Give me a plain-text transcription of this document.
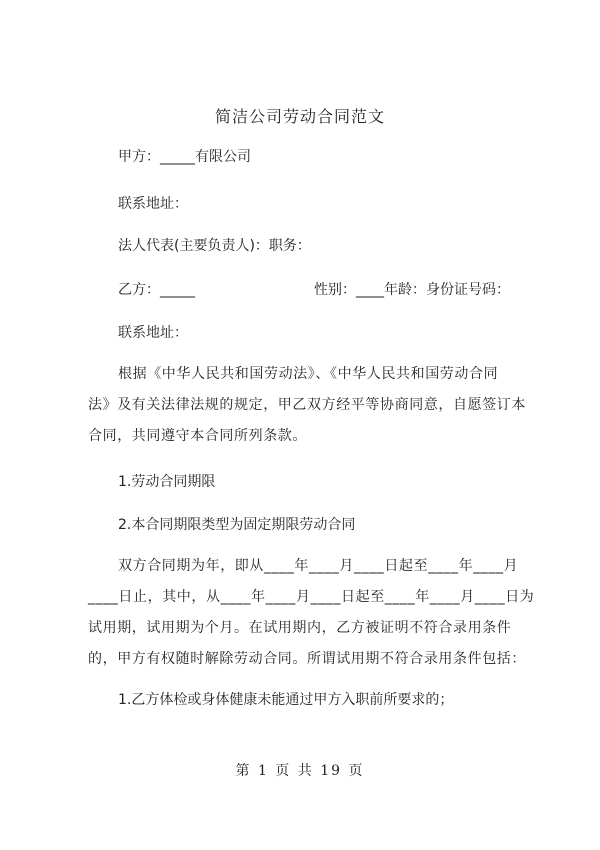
简洁公司劳动合同范文
甲方：_____有限公司
联系地址：
法人代表(主要负责人)：职务：
乙方：_____	性别：____年龄：身份证号码：
联系地址：
根据《中华人民共和国劳动法》、《中华人民共和国劳动合同
法》及有关法律法规的规定，甲乙双方经平等协商同意，自愿签订本
合同，共同遵守本合同所列条款。
1.劳动合同期限
2.本合同期限类型为固定期限劳动合同
双方合同期为年，即从____年____月____日起至____年____月
____日止，其中，从____年____月____日起至____年____月____日为
试用期，试用期为个月。在试用期内，乙方被证明不符合录用条件
的，甲方有权随时解除劳动合同。所谓试用期不符合录用条件包括：
1.乙方体检或身体健康未能通过甲方入职前所要求的；
第 1 页 共 19 页
